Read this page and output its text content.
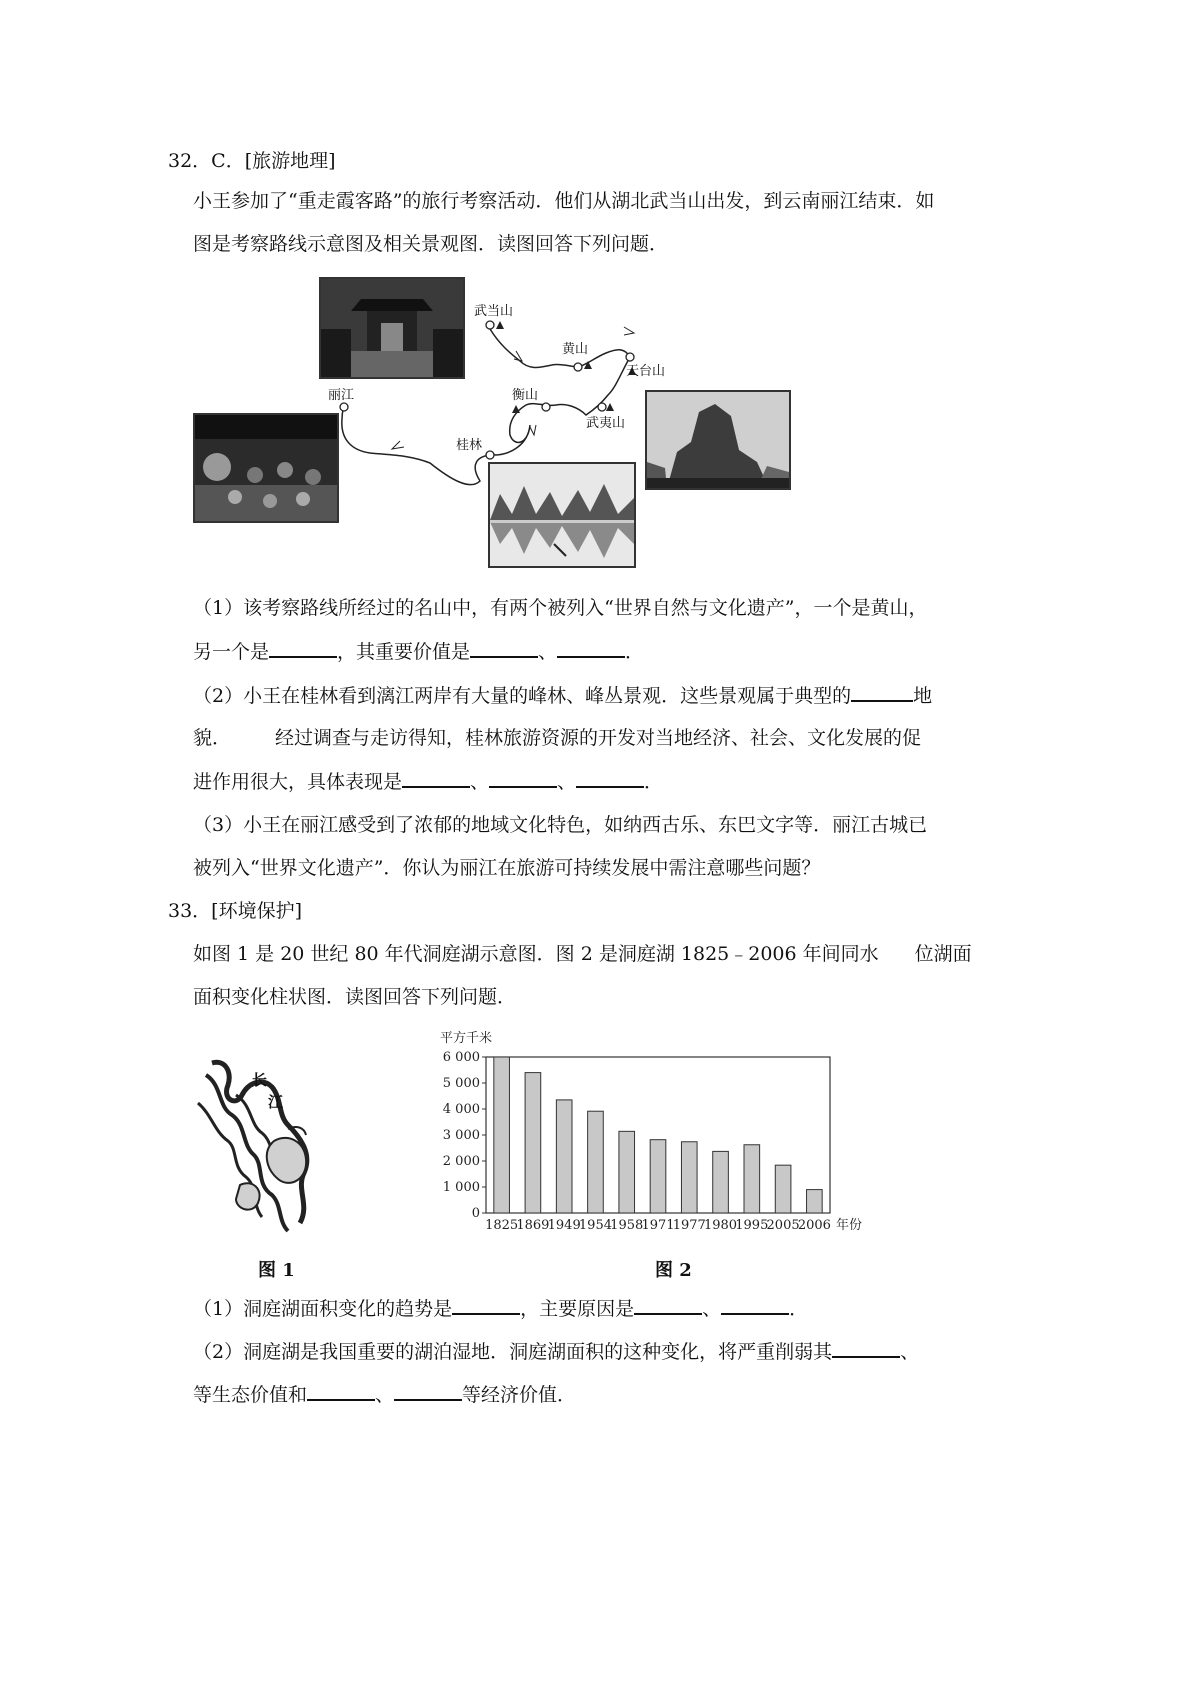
32．C．[旅游地理]
小王参加了“重走霞客路”的旅行考察活动．他们从湖北武当山出发，到云南丽江结束．如
图是考察路线示意图及相关景观图．读图回答下列问题．
武当山
黄山
天台山
丽江	衡山
桂林
武夷山
（1）该考察路线所经过的名山中，有两个被列入“世界自然与文化遗产”，一个是黄山，
另一个是	，其重要价值是	、	．
（2）小王在桂林看到漓江两岸有大量的峰林、峰丛景观．这些景观属于典型的	地
貌． 经过调查与走访得知，桂林旅游资源的开发对当地经济、社会、文化发展的促
进作用很大，具体表现是	、	、	．
（3）小王在丽江感受到了浓郁的地域文化特色，如纳西古乐、东巴文字等．丽江古城已
被列入“世界文化遗产”．你认为丽江在旅游可持续发展中需注意哪些问题？
33．[环境保护]
如图 1 是 20 世纪 80 年代洞庭湖示意图．图 2 是洞庭湖 1825﹣2006 年间同水 位湖面
面积变化柱状图．读图回答下列问题．
长
江
图 1
平方千米
0
1 000
2 000
3 000
4 000
5 000
6 000
1825
1869
1949
1954
1958
1971
1977
1980
1995
2005
2006 年份
图 2
（1）洞庭湖面积变化的趋势是	，主要原因是	、	．
（2）洞庭湖是我国重要的湖泊湿地．洞庭湖面积的这种变化，将严重削弱其	、
等生态价值和	、	等经济价值．
